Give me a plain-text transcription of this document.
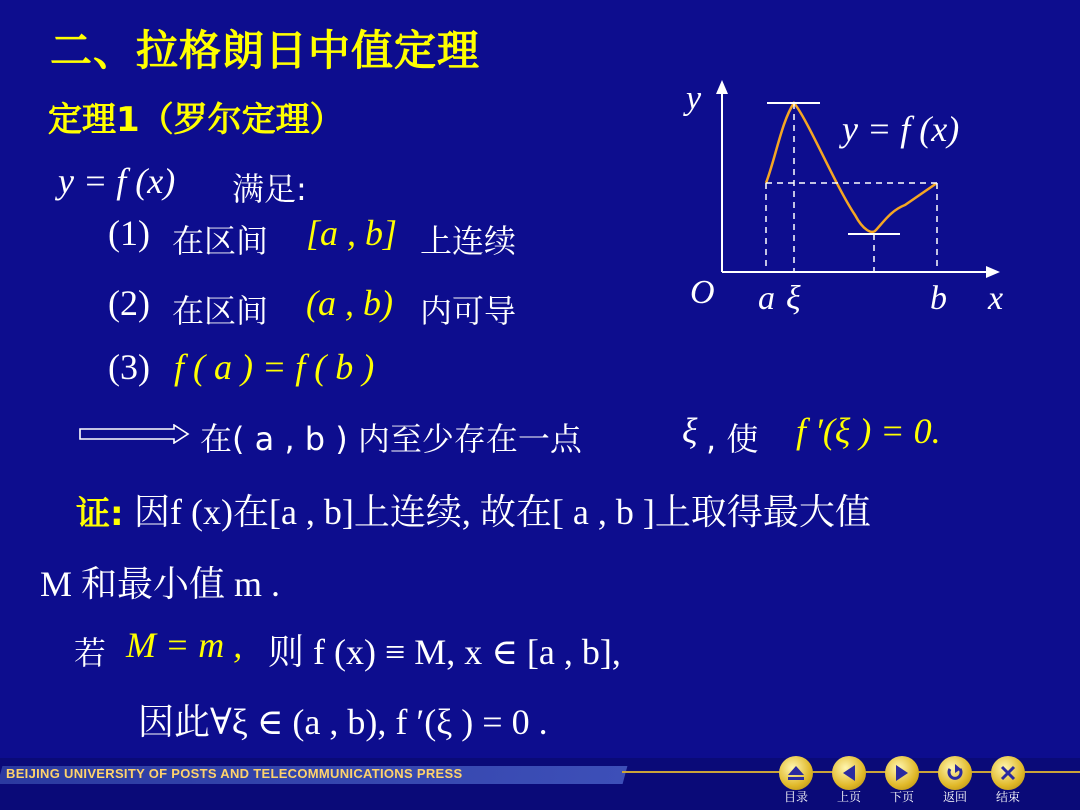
二、拉格朗日中值定理
定理1（罗尔定理）
y
x
O a ξ	b
y = f (x)
y = f (x) 满足:
(1) 在区间 [a , b] 上连续
(2) 在区间 (a , b) 内可导
(3) f ( a ) = f ( b )
在( a , b ) 内至少存在一点	ξ , 使 f ′(ξ ) = 0.
证: 因f (x)在[a , b]上连续, 故在[ a , b ]上取得最大值
M 和最小值 m .
若 M = m , 则 f (x) ≡ M, x ∈ [a , b],
因此∀ξ ∈ (a , b), f ′(ξ ) = 0 .
BEIJING UNIVERSITY OF POSTS AND TELECOMMUNICATIONS PRESS
目录	上页	下页	返回	结束
